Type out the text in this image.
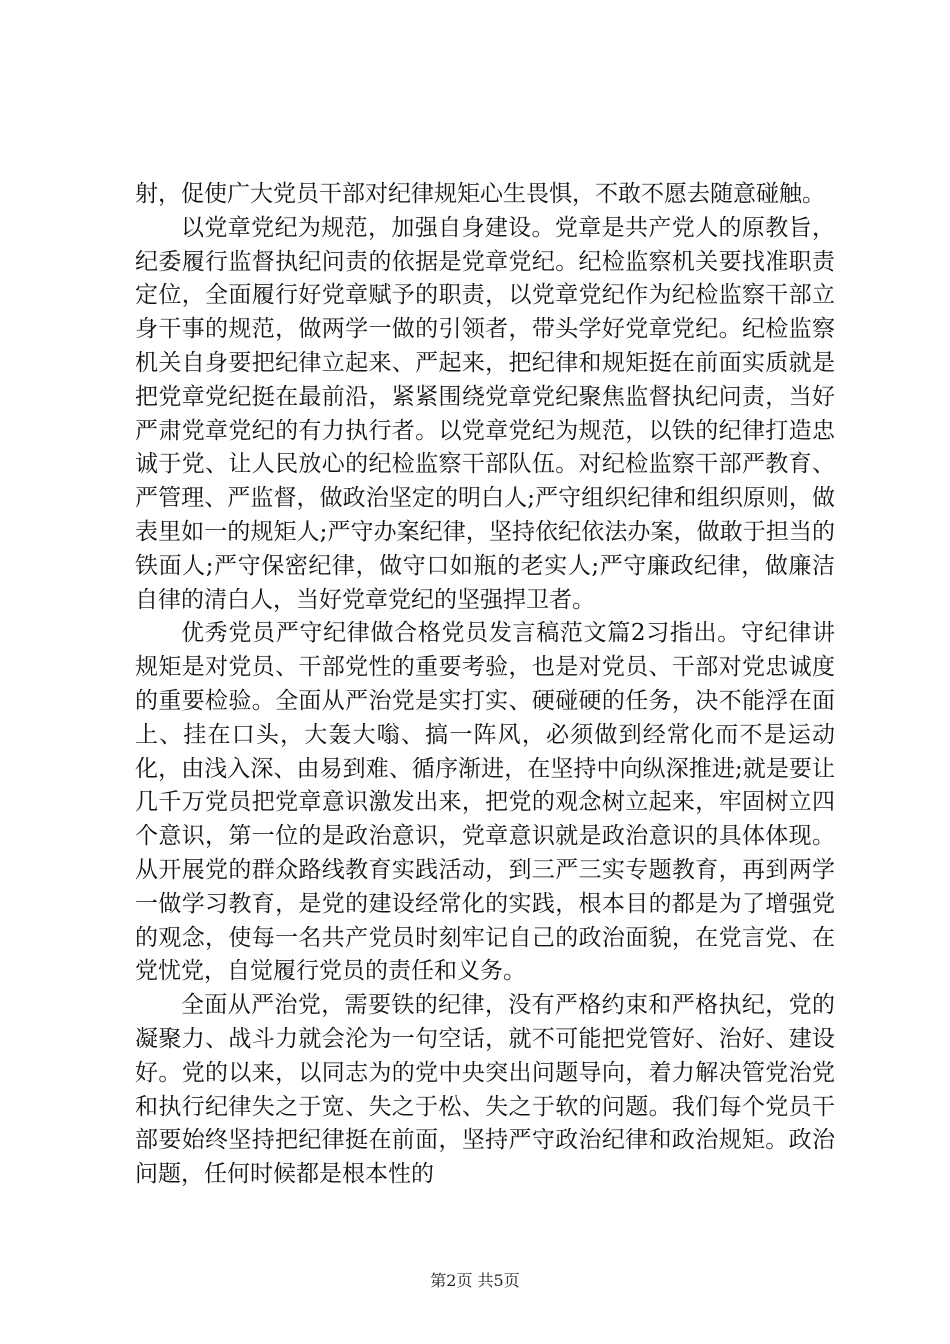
射，促使广大党员干部对纪律规矩心生畏惧，不敢不愿去随意碰触。

以党章党纪为规范，加强自身建设。党章是共产党人的原教旨，纪委履行监督执纪问责的依据是党章党纪。纪检监察机关要找准职责定位，全面履行好党章赋予的职责，以党章党纪作为纪检监察干部立身干事的规范，做两学一做的引领者，带头学好党章党纪。纪检监察机关自身要把纪律立起来、严起来，把纪律和规矩挺在前面实质就是把党章党纪挺在最前沿，紧紧围绕党章党纪聚焦监督执纪问责，当好严肃党章党纪的有力执行者。以党章党纪为规范，以铁的纪律打造忠诚于党、让人民放心的纪检监察干部队伍。对纪检监察干部严教育、严管理、严监督，做政治坚定的明白人;严守组织纪律和组织原则，做表里如一的规矩人;严守办案纪律，坚持依纪依法办案，做敢于担当的铁面人;严守保密纪律，做守口如瓶的老实人;严守廉政纪律，做廉洁自律的清白人，当好党章党纪的坚强捍卫者。

优秀党员严守纪律做合格党员发言稿范文篇2习指出。守纪律讲规矩是对党员、干部党性的重要考验，也是对党员、干部对党忠诚度的重要检验。全面从严治党是实打实、硬碰硬的任务，决不能浮在面上、挂在口头，大轰大嗡、搞一阵风，必须做到经常化而不是运动化，由浅入深、由易到难、循序渐进，在坚持中向纵深推进;就是要让几千万党员把党章意识激发出来，把党的观念树立起来，牢固树立四个意识，第一位的是政治意识，党章意识就是政治意识的具体体现。从开展党的群众路线教育实践活动，到三严三实专题教育，再到两学一做学习教育，是党的建设经常化的实践，根本目的都是为了增强党的观念，使每一名共产党员时刻牢记自己的政治面貌，在党言党、在党忧党，自觉履行党员的责任和义务。

全面从严治党，需要铁的纪律，没有严格约束和严格执纪，党的凝聚力、战斗力就会沦为一句空话，就不可能把党管好、治好、建设好。党的以来，以同志为的党中央突出问题导向，着力解决管党治党和执行纪律失之于宽、失之于松、失之于软的问题。我们每个党员干部要始终坚持把纪律挺在前面，坚持严守政治纪律和政治规矩。政治问题，任何时候都是根本性的

第2页 共5页
